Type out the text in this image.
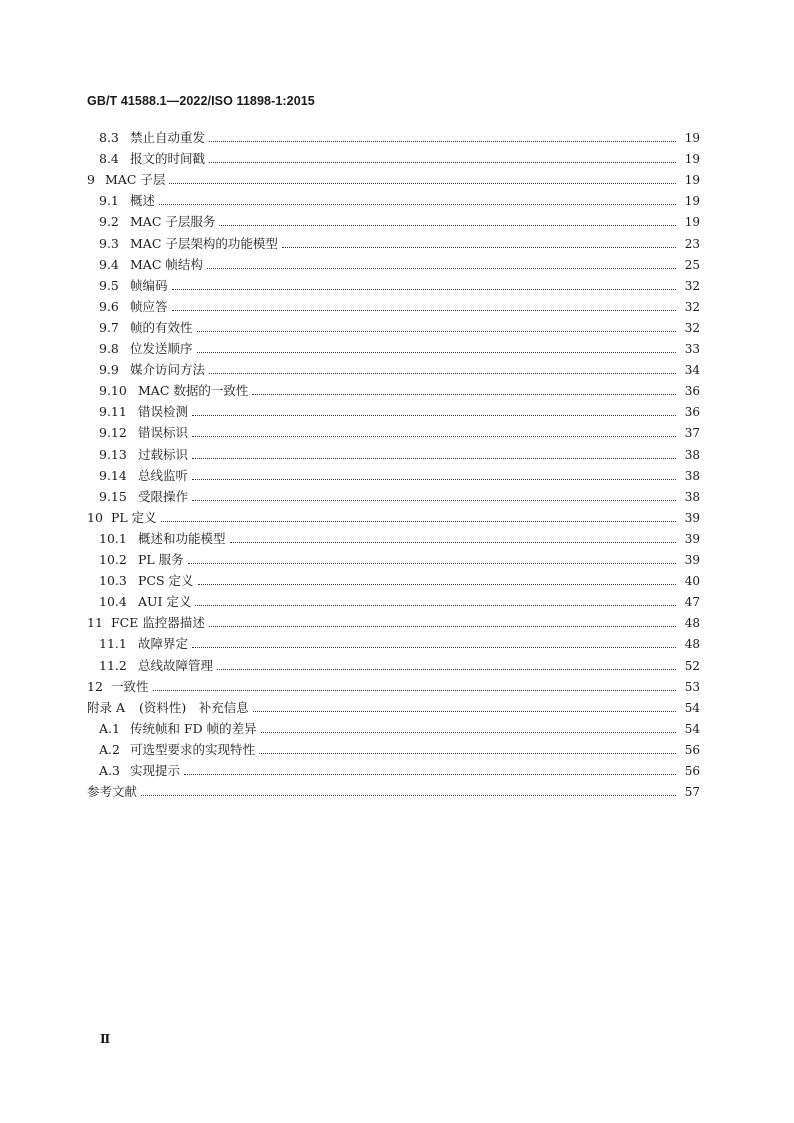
GB/T 41588.1—2022/ISO 11898-1:2015
8.3 禁止自动重发	19
8.4 报文的时间戳	19
9 MAC 子层	19
9.1 概述	19
9.2 MAC 子层服务	19
9.3 MAC 子层架构的功能模型	23
9.4 MAC 帧结构	25
9.5 帧编码	32
9.6 帧应答	32
9.7 帧的有效性	32
9.8 位发送顺序	33
9.9 媒介访问方法	34
9.10 MAC 数据的一致性	36
9.11 错误检测	36
9.12 错误标识	37
9.13 过载标识	38
9.14 总线监听	38
9.15 受限操作	38
10 PL 定义	39
10.1 概述和功能模型	39
10.2 PL 服务	39
10.3 PCS 定义	40
10.4 AUI 定义	47
11 FCE 监控器描述	48
11.1 故障界定	48
11.2 总线故障管理	52
12 一致性	53
附录 A (资料性)　补充信息	54
A.1 传统帧和 FD 帧的差异	54
A.2 可选型要求的实现特性	56
A.3 实现提示	56
参考文献	57
Ⅱ
